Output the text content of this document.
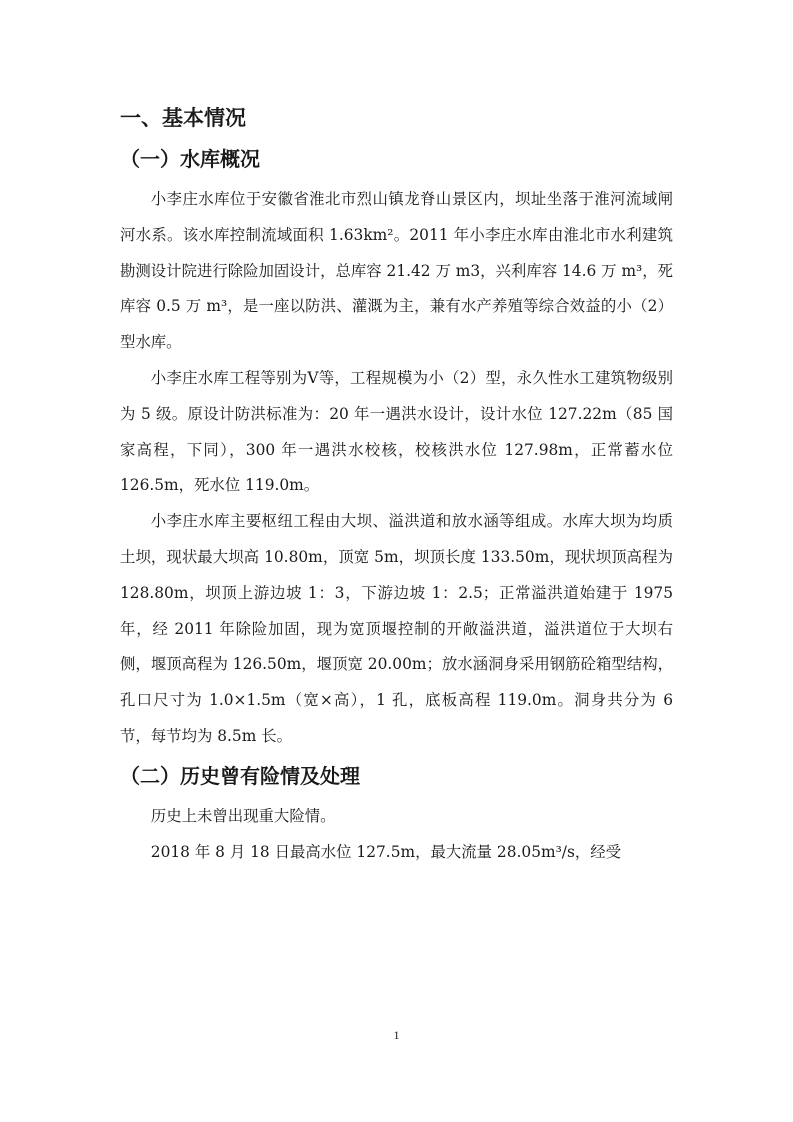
一、基本情况
（一）水库概况

小李庄水库位于安徽省淮北市烈山镇龙脊山景区内，坝址坐落于淮河流域闸河水系。该水库控制流域面积 1.63km²。2011 年小李庄水库由淮北市水利建筑勘测设计院进行除险加固设计，总库容 21.42 万 m3，兴利库容 14.6 万 m³，死库容 0.5 万 m³，是一座以防洪、灌溉为主，兼有水产养殖等综合效益的小（2）型水库。

小李庄水库工程等别为Ⅴ等，工程规模为小（2）型，永久性水工建筑物级别为 5 级。原设计防洪标准为：20 年一遇洪水设计，设计水位 127.22m（85 国家高程，下同），300 年一遇洪水校核，校核洪水位 127.98m，正常蓄水位 126.5m，死水位 119.0m。

小李庄水库主要枢纽工程由大坝、溢洪道和放水涵等组成。水库大坝为均质土坝，现状最大坝高 10.80m，顶宽 5m，坝顶长度 133.50m，现状坝顶高程为 128.80m，坝顶上游边坡 1：3，下游边坡 1：2.5；正常溢洪道始建于 1975 年，经 2011 年除险加固，现为宽顶堰控制的开敞溢洪道，溢洪道位于大坝右侧，堰顶高程为 126.50m，堰顶宽 20.00m；放水涵洞身采用钢筋砼箱型结构，孔口尺寸为 1.0×1.5m（宽×高），1 孔，底板高程 119.0m。洞身共分为 6 节，每节均为 8.5m 长。

（二）历史曾有险情及处理

历史上未曾出现重大险情。

2018 年 8 月 18 日最高水位 127.5m，最大流量 28.05m³/s，经受

1
